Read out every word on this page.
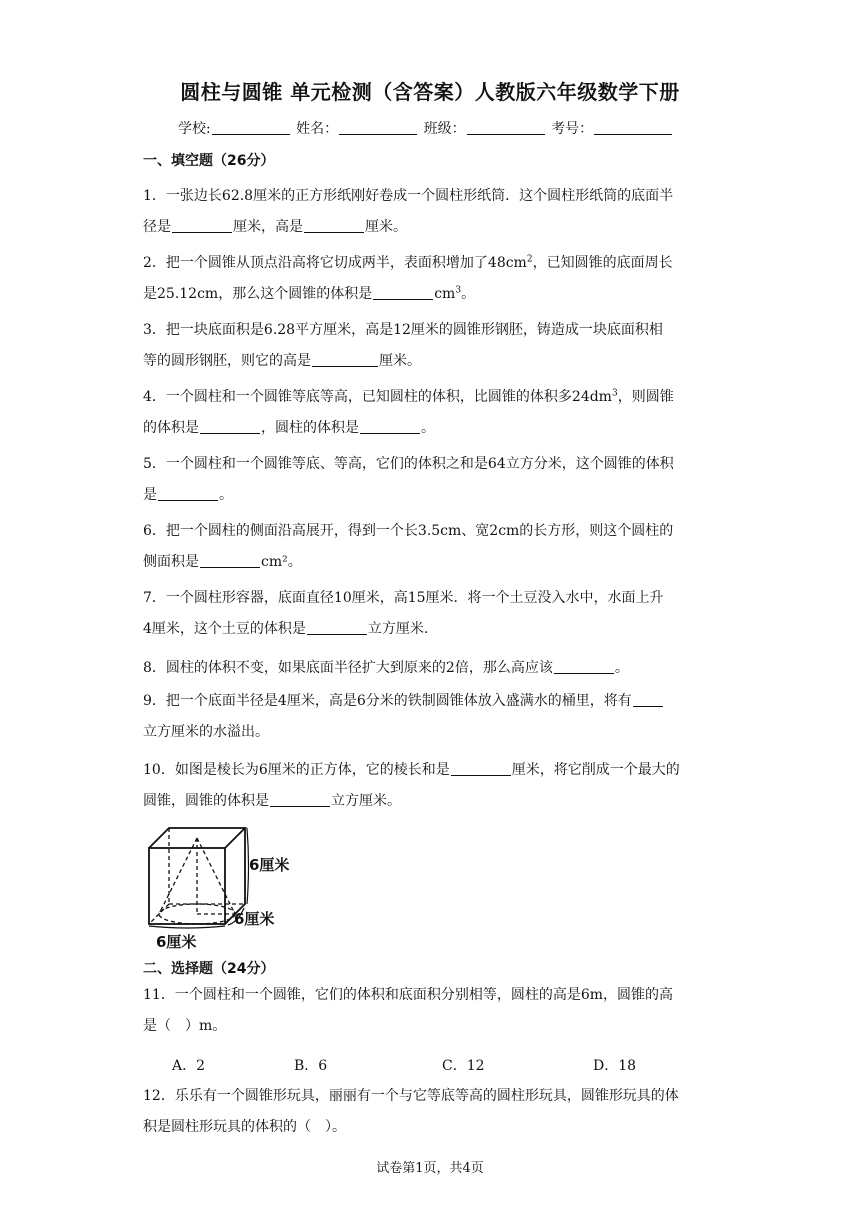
圆柱与圆锥 单元检测（含答案）人教版六年级数学下册
学校:	姓名：	班级：	考号：
一、填空题（26分）

1．一张边长62.8厘米的正方形纸刚好卷成一个圆柱形纸筒．这个圆柱形纸筒的底面半

径是	厘米，高是	厘米。

2．把一个圆锥从顶点沿高将它切成两半，表面积增加了$48cm^2$，已知圆锥的底面周长

是25.12cm，那么这个圆锥的体积是	$cm^3$。

3．把一块底面积是6.28平方厘米，高是12厘米的圆锥形钢胚，铸造成一块底面积相

等的圆形钢胚，则它的高是	厘米。

4．一个圆柱和一个圆锥等底等高，已知圆柱的体积，比圆锥的体积多$24dm^3$，则圆锥

的体积是	，圆柱的体积是	。

5．一个圆柱和一个圆锥等底、等高，它们的体积之和是64立方分米，这个圆锥的体积

是	。

6．把一个圆柱的侧面沿高展开，得到一个长3.5cm、宽2cm的长方形，则这个圆柱的

侧面积是	cm²。

7．一个圆柱形容器，底面直径10厘米，高15厘米．将一个土豆没入水中，水面上升

4厘米，这个土豆的体积是	立方厘米.

8．圆柱的体积不变，如果底面半径扩大到原来的2倍，那么高应该	。

9．把一个底面半径是4厘米，高是6分米的铁制圆锥体放入盛满水的桶里，将有

立方厘米的水溢出。

10．如图是棱长为6厘米的正方体，它的棱长和是	厘米，将它削成一个最大的

圆锥，圆锥的体积是	立方厘米。

6厘米
6厘米
6厘米
二、选择题（24分）

11．一个圆柱和一个圆锥，它们的体积和底面积分别相等，圆柱的高是6m，圆锥的高

是（　）m。

A．2	B．6	C．12	D．18

12．乐乐有一个圆锥形玩具，丽丽有一个与它等底等高的圆柱形玩具，圆锥形玩具的体

积是圆柱形玩具的体积的（　）。

试卷第1页，共4页
